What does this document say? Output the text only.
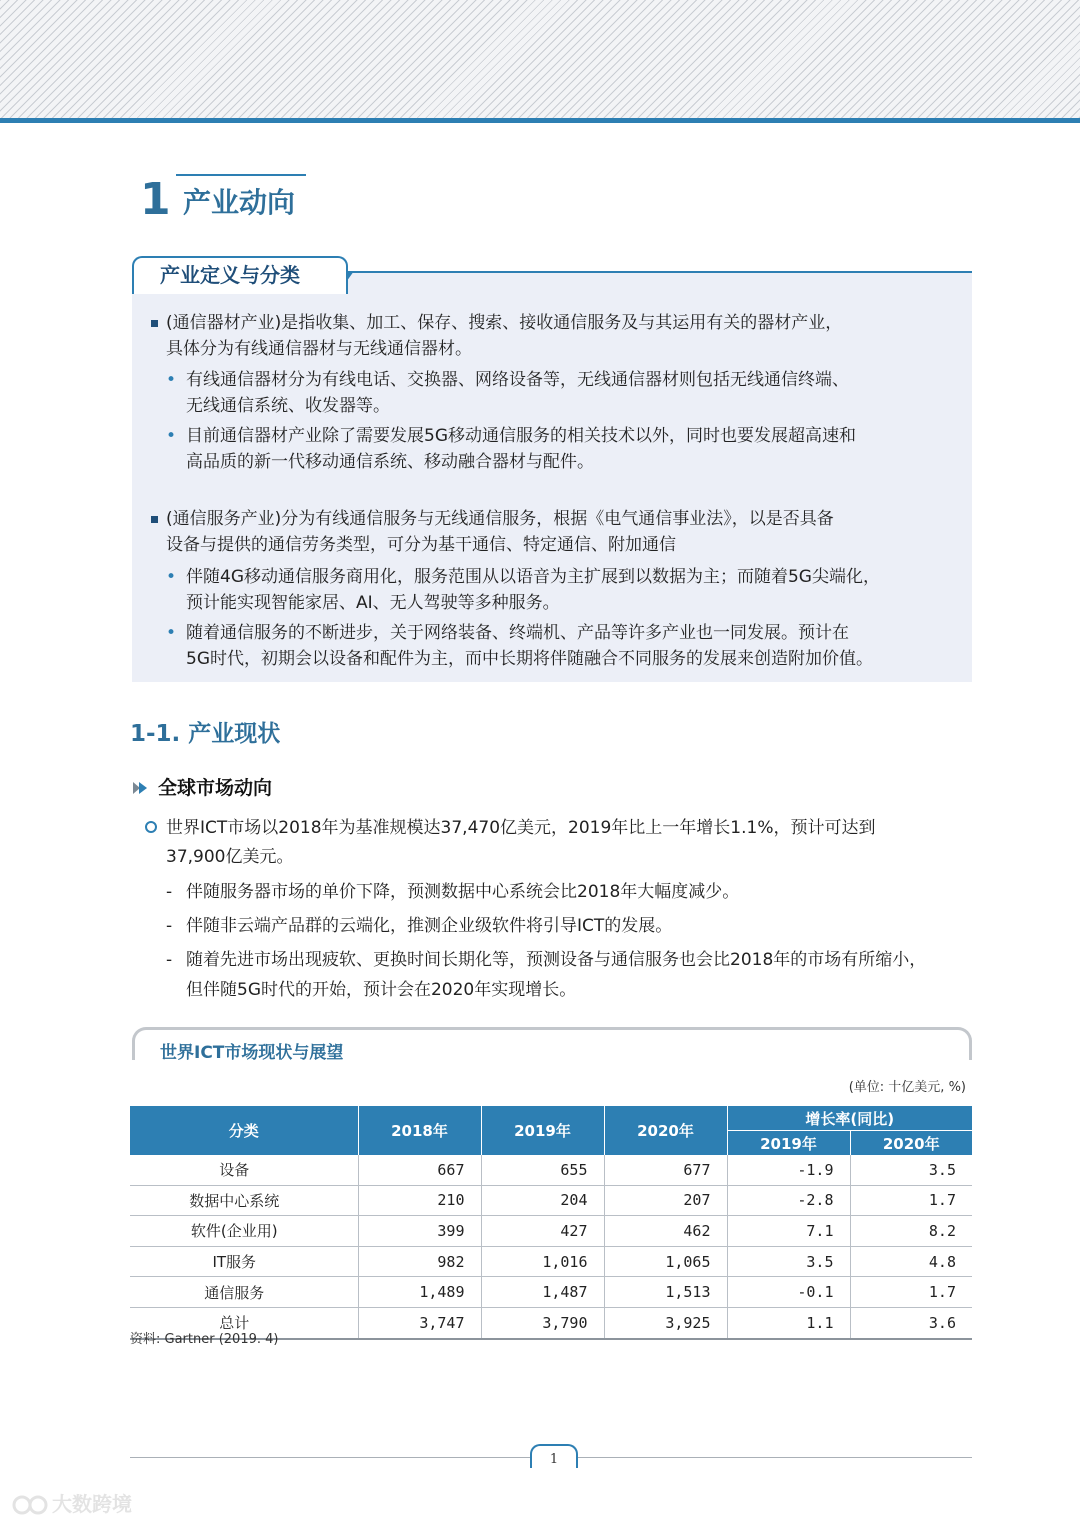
1 产业动向
产业定义与分类
(通信器材产业)是指收集、加工、保存、搜索、接收通信服务及与其运用有关的器材产业，
具体分为有线通信器材与无线通信器材。
• 有线通信器材分为有线电话、交换器、网络设备等，无线通信器材则包括无线通信终端、
无线通信系统、收发器等。
• 目前通信器材产业除了需要发展5G移动通信服务的相关技术以外，同时也要发展超高速和
高品质的新一代移动通信系统、移动融合器材与配件。
(通信服务产业)分为有线通信服务与无线通信服务，根据《电气通信事业法》，以是否具备
设备与提供的通信劳务类型，可分为基干通信、特定通信、附加通信
• 伴随4G移动通信服务商用化，服务范围从以语音为主扩展到以数据为主；而随着5G尖端化，
预计能实现智能家居、AI、无人驾驶等多种服务。
• 随着通信服务的不断进步，关于网络装备、终端机、产品等许多产业也一同发展。预计在
5G时代，初期会以设备和配件为主，而中长期将伴随融合不同服务的发展来创造附加价值。
1-1. 产业现状
全球市场动向
世界ICT市场以2018年为基准规模达37,470亿美元，2019年比上一年增长1.1%，预计可达到
37,900亿美元。
- 伴随服务器市场的单价下降，预测数据中心系统会比2018年大幅度减少。
- 伴随非云端产品群的云端化，推测企业级软件将引导ICT的发展。
- 随着先进市场出现疲软、更换时间长期化等，预测设备与通信服务也会比2018年的市场有所缩小，
但伴随5G时代的开始，预计会在2020年实现增长。
世界ICT市场现状与展望
(单位: 十亿美元, %)
分类	2018年	2019年	2020年	增长率(同比)	
				2019年	2020年
设备	667	655	677	-1.9	3.5
数据中心系统	210	204	207	-2.8	1.7
软件(企业用)	399	427	462	7.1	8.2
IT服务	982	1,016	1,065	3.5	4.8
通信服务	1,489	1,487	1,513	-0.1	1.7
总计	3,747	3,790	3,925	1.1	3.6
资料: Gartner (2019. 4)
1
大数跨境
